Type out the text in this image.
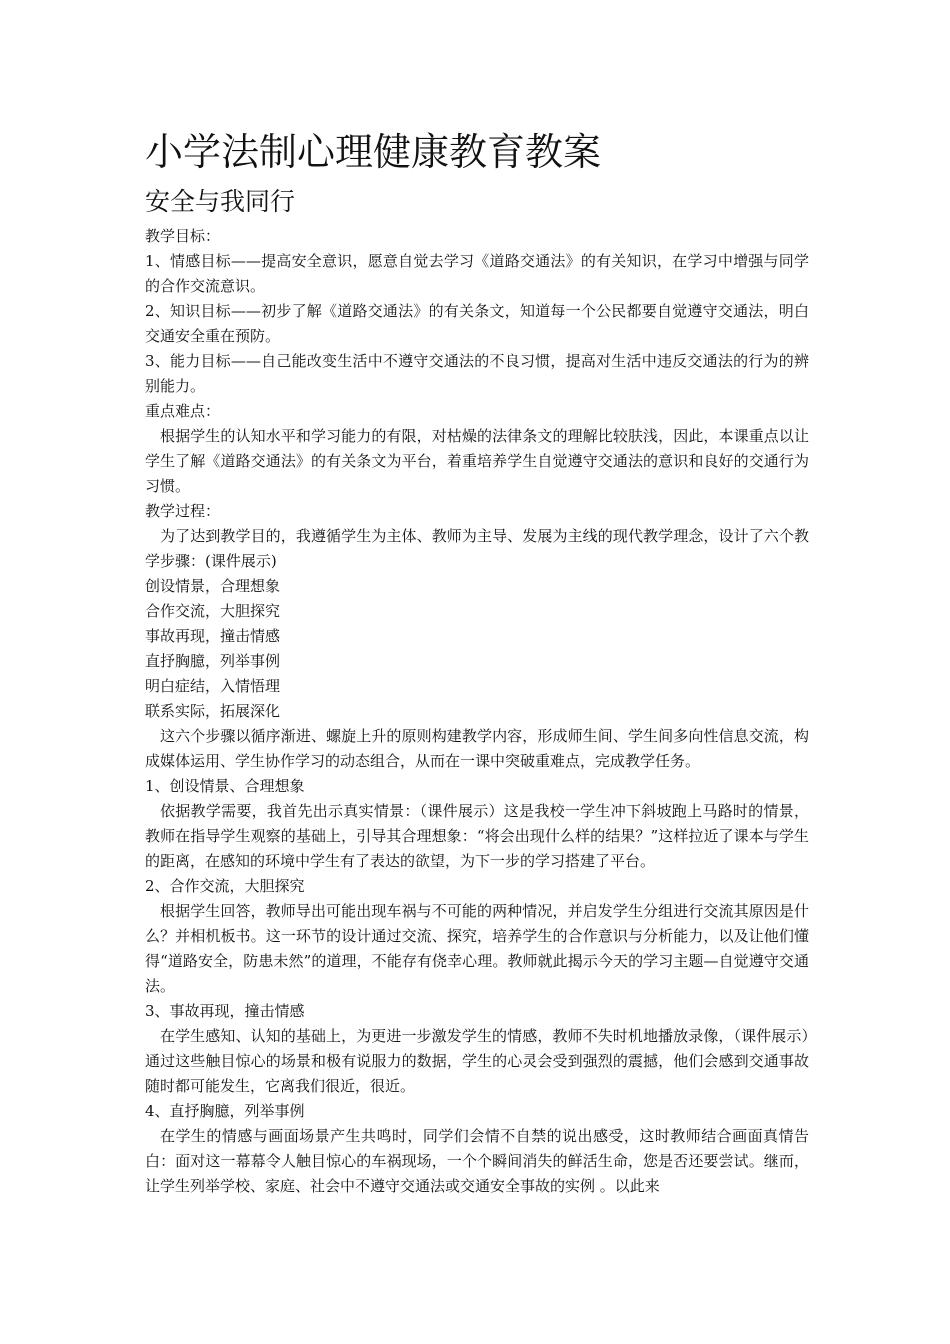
小学法制心理健康教育教案
安全与我同行

教学目标：

1、情感目标——提高安全意识，愿意自觉去学习《道路交通法》的有关知识，在学习中增强与同学的合作交流意识。

2、知识目标——初步了解《道路交通法》的有关条文，知道每一个公民都要自觉遵守交通法，明白交通安全重在预防。

3、能力目标——自己能改变生活中不遵守交通法的不良习惯，提高对生活中违反交通法的行为的辨别能力。

重点难点：

根据学生的认知水平和学习能力的有限，对枯燥的法律条文的理解比较肤浅，因此，本课重点以让学生了解《道路交通法》的有关条文为平台，着重培养学生自觉遵守交通法的意识和良好的交通行为习惯。

教学过程：

为了达到教学目的，我遵循学生为主体、教师为主导、发展为主线的现代教学理念，设计了六个教学步骤：(课件展示)

创设情景，合理想象

合作交流，大胆探究

事故再现，撞击情感

直抒胸臆，列举事例

明白症结，入情悟理

联系实际，拓展深化

这六个步骤以循序渐进、螺旋上升的原则构建教学内容，形成师生间、学生间多向性信息交流，构成媒体运用、学生协作学习的动态组合，从而在一课中突破重难点，完成教学任务。

1、创设情景、合理想象

依据教学需要，我首先出示真实情景：（课件展示）这是我校一学生冲下斜坡跑上马路时的情景，教师在指导学生观察的基础上，引导其合理想象：“将会出现什么样的结果？”这样拉近了课本与学生的距离，在感知的环境中学生有了表达的欲望，为下一步的学习搭建了平台。

2、合作交流，大胆探究

根据学生回答，教师导出可能出现车祸与不可能的两种情况，并启发学生分组进行交流其原因是什么？并相机板书。这一环节的设计通过交流、探究，培养学生的合作意识与分析能力，以及让他们懂得“道路安全，防患未然”的道理，不能存有侥幸心理。教师就此揭示今天的学习主题—自觉遵守交通法。

3、事故再现，撞击情感

在学生感知、认知的基础上，为更进一步激发学生的情感，教师不失时机地播放录像，（课件展示）通过这些触目惊心的场景和极有说服力的数据，学生的心灵会受到强烈的震撼，他们会感到交通事故随时都可能发生，它离我们很近，很近。

4、直抒胸臆，列举事例

在学生的情感与画面场景产生共鸣时，同学们会情不自禁的说出感受，这时教师结合画面真情告白：面对这一幕幕令人触目惊心的车祸现场，一个个瞬间消失的鲜活生命，您是否还要尝试。继而，让学生列举学校、家庭、社会中不遵守交通法或交通安全事故的实例 。以此来
